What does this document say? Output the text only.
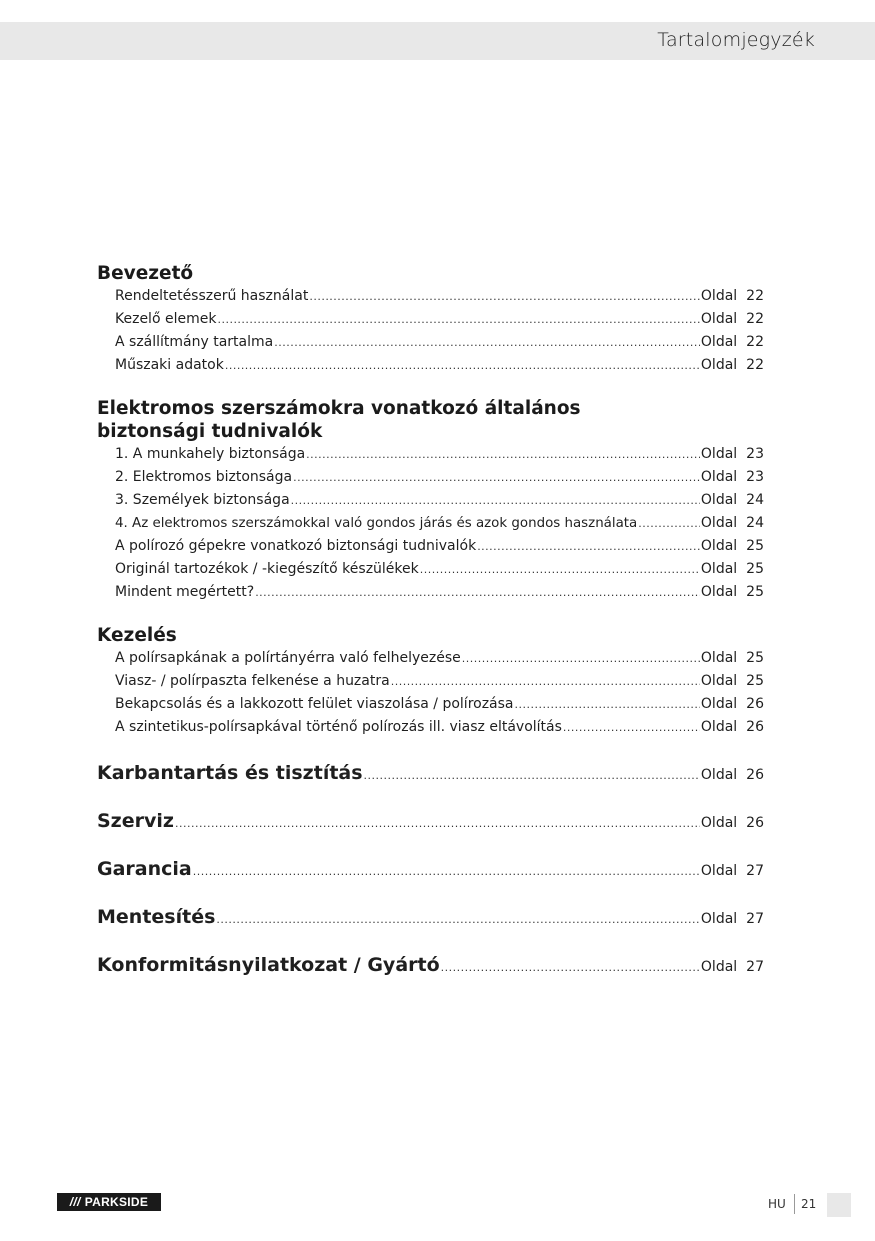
Tartalomjegyzék
Bevezető
Rendeltetésszerű használat .....	Oldal 22
Kezelő elemek .....	Oldal 22
A szállítmány tartalma .....	Oldal 22
Műszaki adatok .....	Oldal 22
Elektromos szerszámokra vonatkozó általános
biztonsági tudnivalók
1. A munkahely biztonsága .....	Oldal 23
2. Elektromos biztonsága .....	Oldal 23
3. Személyek biztonsága .....	Oldal 24
4. Az elektromos szerszámokkal való gondos járás és azok gondos használata .....	Oldal 24
A polírozó gépekre vonatkozó biztonsági tudnivalók .....	Oldal 25
Originál tartozékok / -kiegészítő készülékek .....	Oldal 25
Mindent megértett? .....	Oldal 25
Kezelés
A polírsapkának a polírtányérra való felhelyezése .....	Oldal 25
Viasz- / polírpaszta felkenése a huzatra .....	Oldal 25
Bekapcsolás és a lakkozott felület viaszolása / polírozása .....	Oldal 26
A szintetikus-polírsapkával történő polírozás ill. viasz eltávolítás .....	Oldal 26
Karbantartás és tisztítás .....	Oldal 26
Szerviz .....	Oldal 26
Garancia .....	Oldal 27
Mentesítés .....	Oldal 27
Konformitásnyilatkozat / Gyártó .....	Oldal 27
/// PARKSIDE	HU 21
